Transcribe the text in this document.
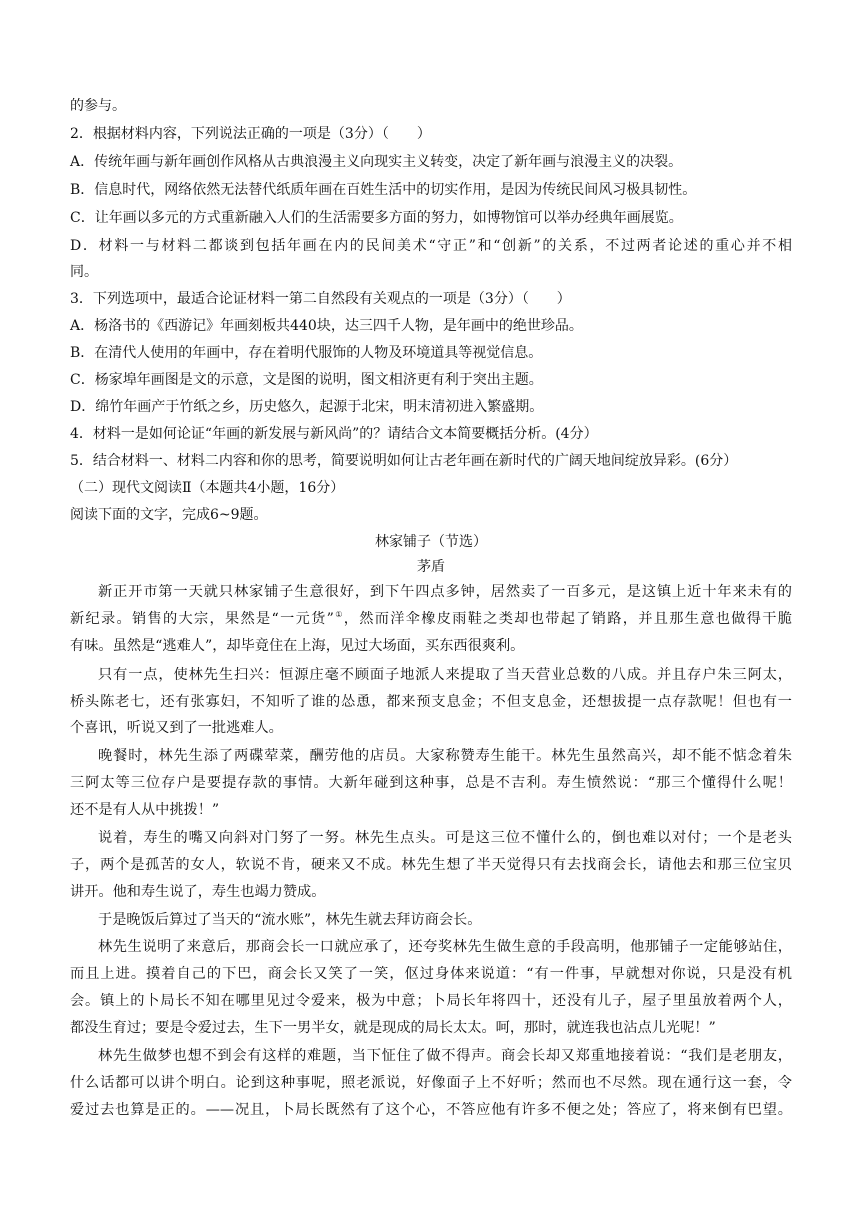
的参与。
2．根据材料内容，下列说法正确的一项是（3分）（　　）
A．传统年画与新年画创作风格从古典浪漫主义向现实主义转变，决定了新年画与浪漫主义的决裂。
B．信息时代，网络依然无法替代纸质年画在百姓生活中的切实作用，是因为传统民间风习极具韧性。
C．让年画以多元的方式重新融入人们的生活需要多方面的努力，如博物馆可以举办经典年画展览。
D．材料一与材料二都谈到包括年画在内的民间美术“守正”和“创新”的关系，不过两者论述的重心并不相
同。
3．下列选项中，最适合论证材料一第二自然段有关观点的一项是（3分）（　　）
A．杨洛书的《西游记》年画刻板共440块，达三四千人物，是年画中的绝世珍品。
B．在清代人使用的年画中，存在着明代服饰的人物及环境道具等视觉信息。
C．杨家埠年画图是文的示意，文是图的说明，图文相济更有利于突出主题。
D．绵竹年画产于竹纸之乡，历史悠久，起源于北宋，明末清初进入繁盛期。
4．材料一是如何论证“年画的新发展与新风尚”的？请结合文本简要概括分析。(4分）
5．结合材料一、材料二内容和你的思考，简要说明如何让古老年画在新时代的广阔天地间绽放异彩。(6分）
（二）现代文阅读Ⅱ（本题共4小题，16分）
阅读下面的文字，完成6~9题。
林家铺子（节选）
茅盾
新正开市第一天就只林家铺子生意很好，到下午四点多钟，居然卖了一百多元，是这镇上近十年来未有的
新纪录。销售的大宗，果然是“一元货”①，然而洋伞橡皮雨鞋之类却也带起了销路，并且那生意也做得干脆
有味。虽然是“逃难人”，却毕竟住在上海，见过大场面，买东西很爽利。
只有一点，使林先生扫兴：恒源庄毫不顾面子地派人来提取了当天营业总数的八成。并且存户朱三阿太，
桥头陈老七，还有张寡妇，不知听了谁的怂恿，都来预支息金；不但支息金，还想拔提一点存款呢！但也有一
个喜讯，听说又到了一批逃难人。
晚餐时，林先生添了两碟荤菜，酬劳他的店员。大家称赞寿生能干。林先生虽然高兴，却不能不惦念着朱
三阿太等三位存户是要提存款的事情。大新年碰到这种事，总是不吉利。寿生愤然说：“那三个懂得什么呢！
还不是有人从中挑拨！”
说着，寿生的嘴又向斜对门努了一努。林先生点头。可是这三位不懂什么的，倒也难以对付；一个是老头
子，两个是孤苦的女人，软说不肯，硬来又不成。林先生想了半天觉得只有去找商会长，请他去和那三位宝贝
讲开。他和寿生说了，寿生也竭力赞成。
于是晚饭后算过了当天的“流水账”，林先生就去拜访商会长。
林先生说明了来意后，那商会长一口就应承了，还夸奖林先生做生意的手段高明，他那铺子一定能够站住，
而且上进。摸着自己的下巴，商会长又笑了一笑，伛过身体来说道：“有一件事，早就想对你说，只是没有机
会。镇上的卜局长不知在哪里见过令爱来，极为中意；卜局长年将四十，还没有儿子，屋子里虽放着两个人，
都没生育过；要是令爱过去，生下一男半女，就是现成的局长太太。呵，那时，就连我也沾点儿光呢！”
林先生做梦也想不到会有这样的难题，当下怔住了做不得声。商会长却又郑重地接着说：“我们是老朋友，
什么话都可以讲个明白。论到这种事呢，照老派说，好像面子上不好听；然而也不尽然。现在通行这一套，令
爱过去也算是正的。——况且，卜局长既然有了这个心，不答应他有许多不便之处；答应了，将来倒有巴望。
